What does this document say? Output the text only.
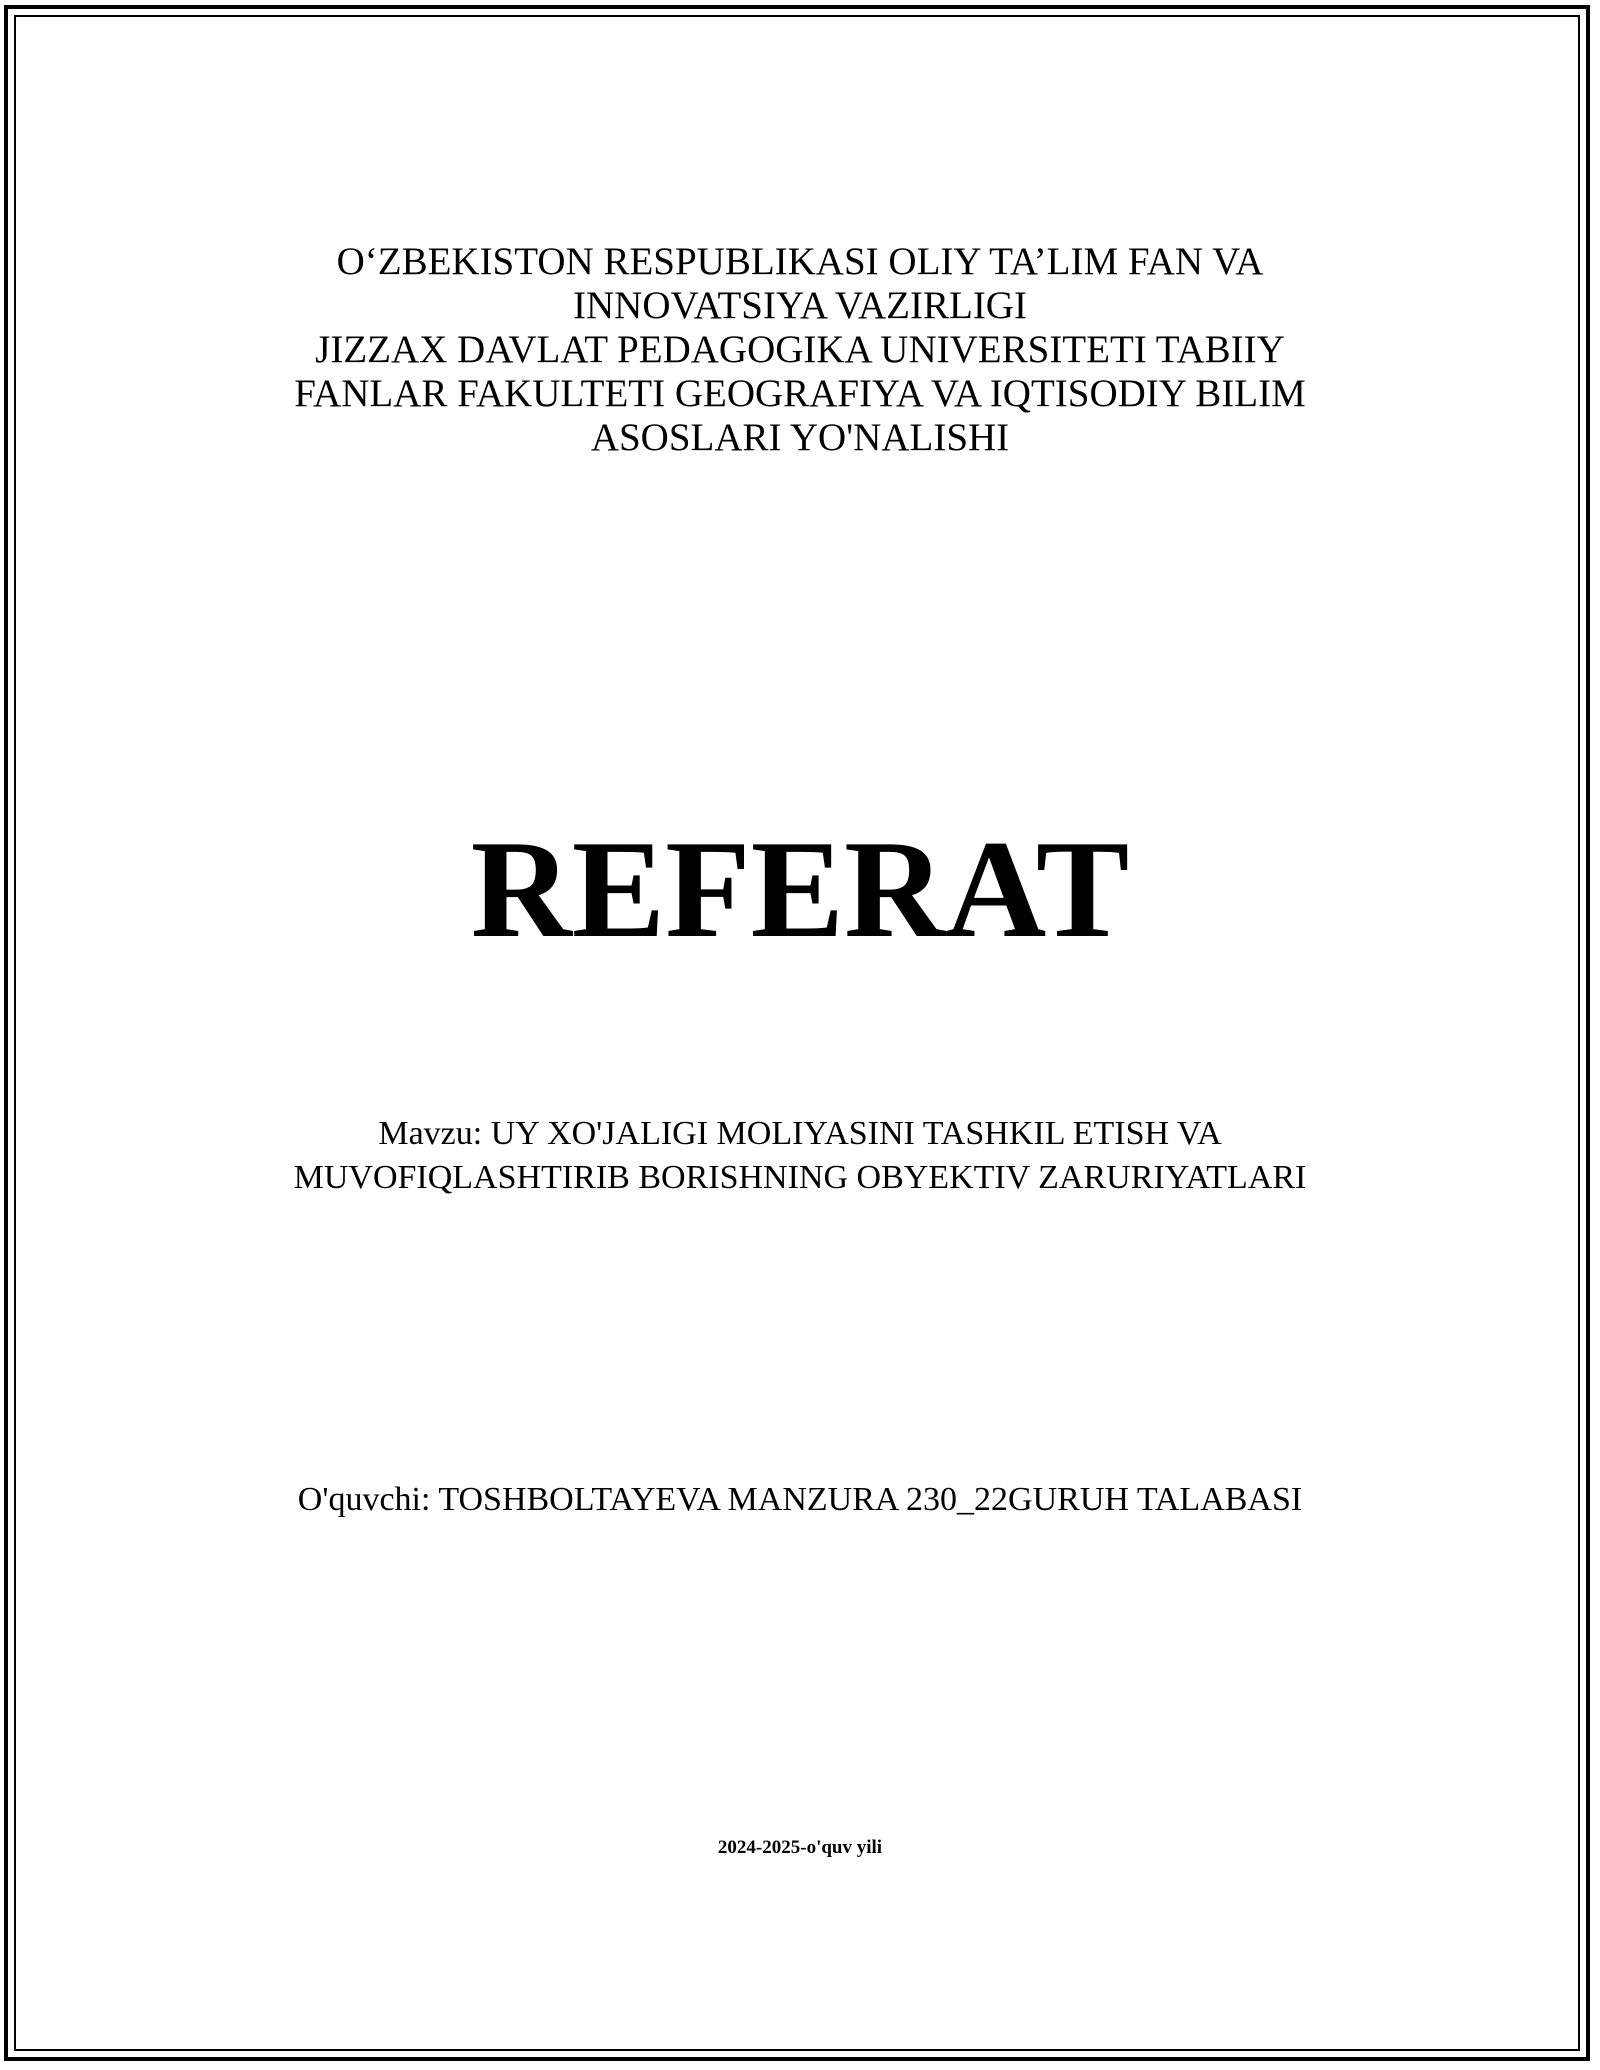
O‘ZBEKISTON RESPUBLIKASI OLIY TA’LIM FAN VA
INNOVATSIYA VAZIRLIGI
JIZZAX DAVLAT PEDAGOGIKA UNIVERSITETI TABIIY
FANLAR FAKULTETI GEOGRAFIYA VA IQTISODIY BILIM
ASOSLARI YO'NALISHI
REFERAT
Mavzu: UY XO'JALIGI MOLIYASINI TASHKIL ETISH VA
MUVOFIQLASHTIRIB BORISHNING OBYEKTIV ZARURIYATLARI
O'quvchi: TOSHBOLTAYEVA MANZURA 230_22GURUH TALABASI
2024-2025-o'quv yili
